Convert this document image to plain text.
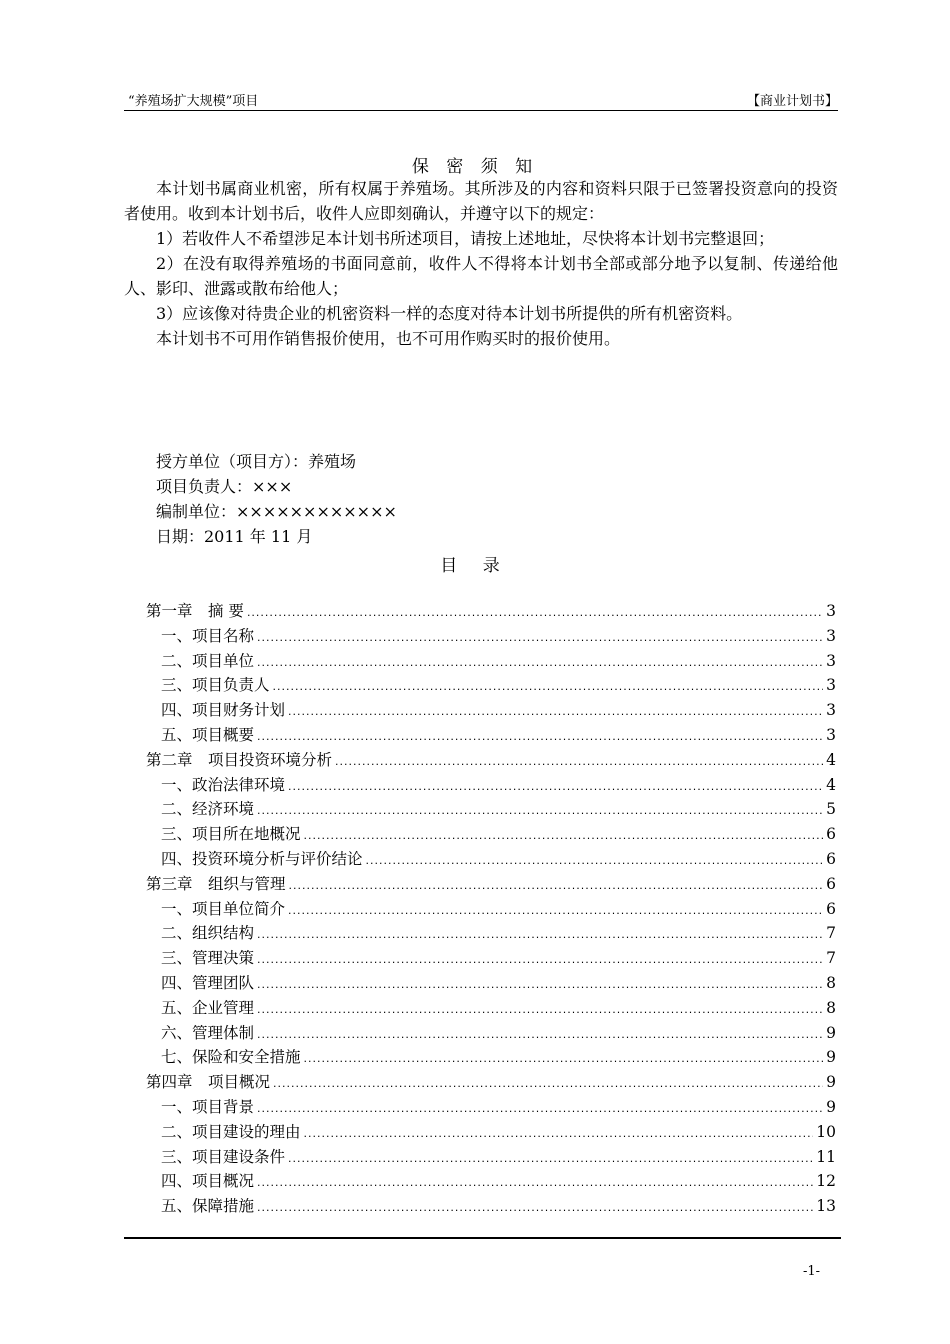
“养殖场扩大规模”项目	【商业计划书】
保 密 须 知

本计划书属商业机密，所有权属于养殖场。其所涉及的内容和资料只限于已签署投资意向的投资者使用。收到本计划书后，收件人应即刻确认，并遵守以下的规定：

1）若收件人不希望涉足本计划书所述项目，请按上述地址，尽快将本计划书完整退回；

2）在没有取得养殖场的书面同意前，收件人不得将本计划书全部或部分地予以复制、传递给他人、影印、泄露或散布给他人；

3）应该像对待贵企业的机密资料一样的态度对待本计划书所提供的所有机密资料。

本计划书不可用作销售报价使用，也不可用作购买时的报价使用。

授方单位（项目方）：养殖场
项目负责人：×××
编制单位：××××××××××××
日期：2011 年 11 月
目 录
第一章　摘 要 .....	3
一、项目名称 .....	3
二、项目单位 .....	3
三、项目负责人 .....	3
四、项目财务计划 .....	3
五、项目概要 .....	3
第二章　项目投资环境分析 .....	4
一、政治法律环境 .....	4
二、经济环境 .....	5
三、项目所在地概况 .....	6
四、投资环境分析与评价结论 .....	6
第三章　组织与管理 .....	6
一、项目单位简介 .....	6
二、组织结构 .....	7
三、管理决策 .....	7
四、管理团队 .....	8
五、企业管理 .....	8
六、管理体制 .....	9
七、保险和安全措施 .....	9
第四章　项目概况 .....	9
一、项目背景 .....	9
二、项目建设的理由 .....	10
三、项目建设条件 .....	11
四、项目概况 .....	12
五、保障措施 .....	13
-1-
